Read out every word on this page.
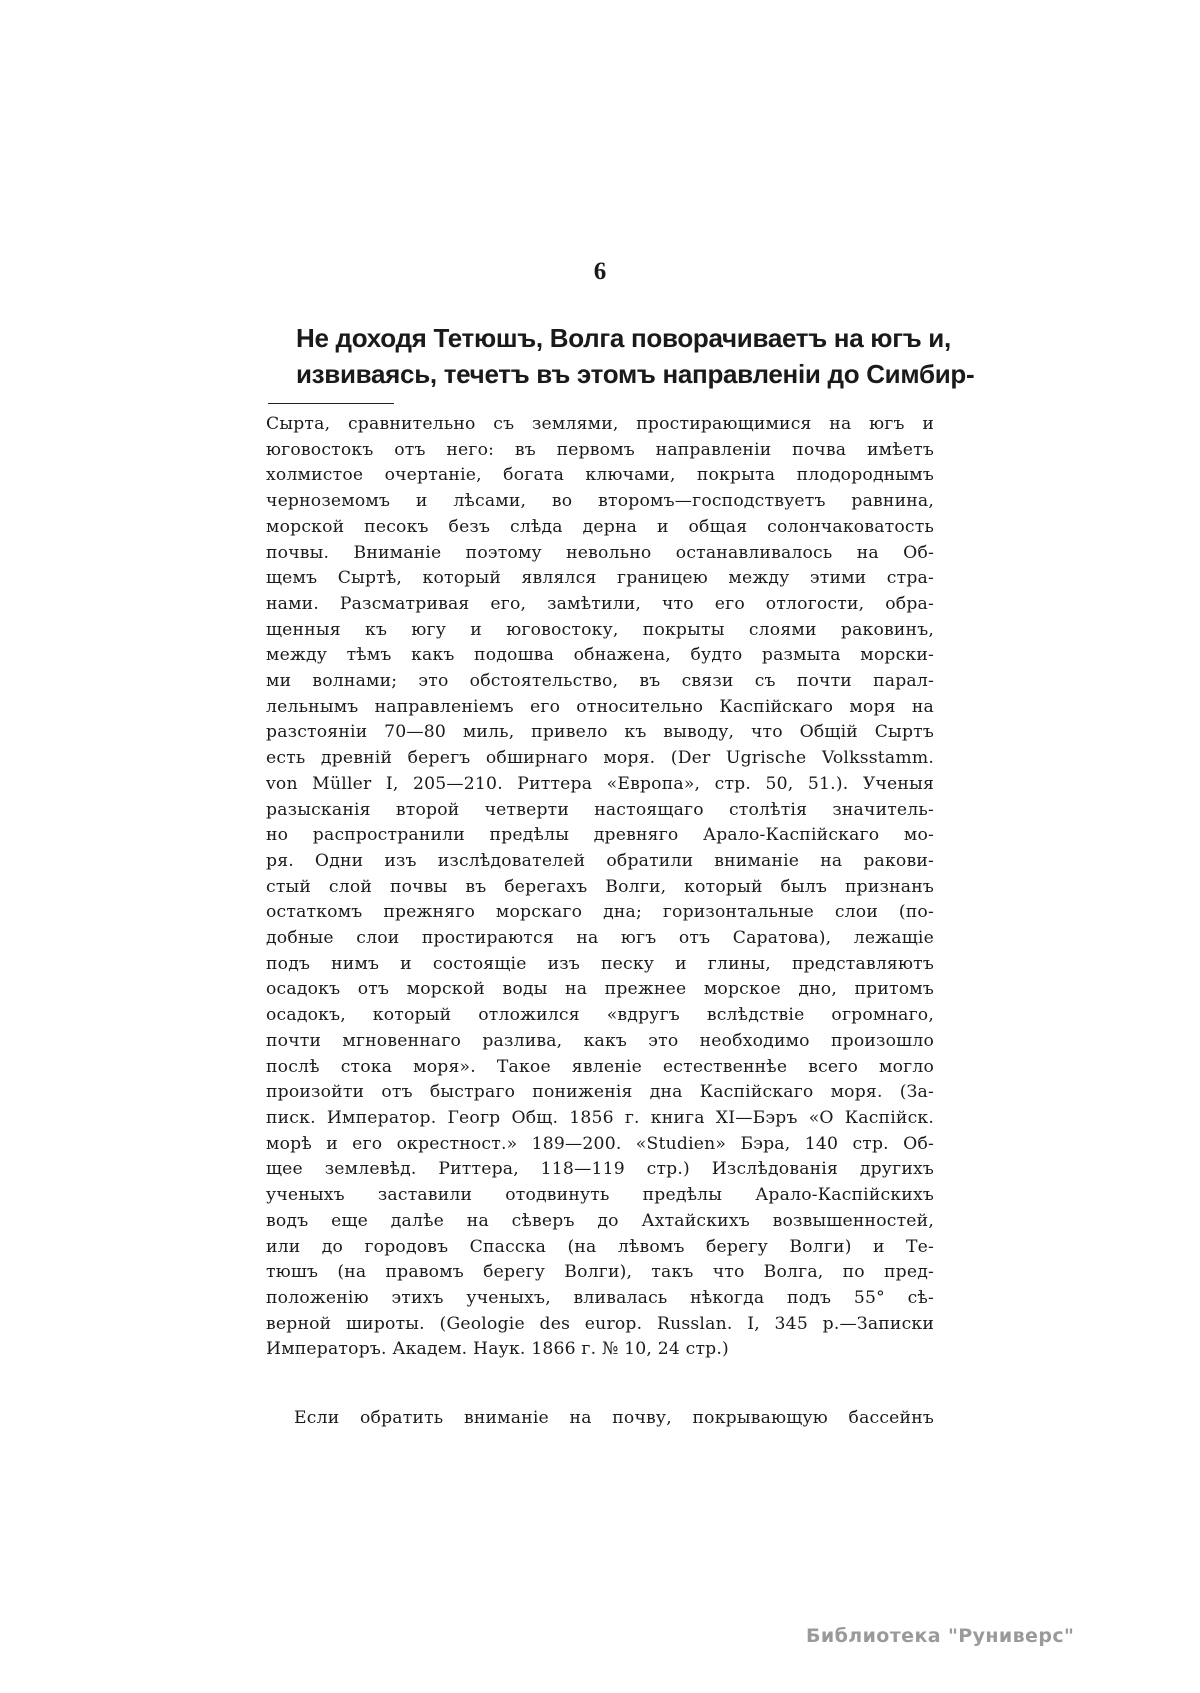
6
Не доходя Тетюшъ, Волга поворачиваетъ на югъ и,
извиваясь, течетъ въ этомъ направленіи до Симбир-
Сырта, сравнительно съ землями, простирающимися на югъ и
юговостокъ отъ него: въ первомъ направленіи почва имѣетъ
холмистое очертаніе, богата ключами, покрыта плодороднымъ
черноземомъ и лѣсами, во второмъ—господствуетъ равнина,
морской песокъ безъ слѣда дерна и общая солончаковатость
почвы. Вниманіе поэтому невольно останавливалось на Об-
щемъ Сыртѣ, который являлся границею между этими стра-
нами. Разсматривая его, замѣтили, что его отлогости, обра-
щенныя къ югу и юговостоку, покрыты слоями раковинъ,
между тѣмъ какъ подошва обнажена, будто размыта морски-
ми волнами; это обстоятельство, въ связи съ почти парал-
лельнымъ направленіемъ его относительно Каспійскаго моря на
разстояніи 70—80 миль, привело къ выводу, что Общій Сыртъ
есть древній берегъ обширнаго моря. (Der Ugrische Volksstamm.
von Müller I, 205—210. Риттера «Европа», стр. 50, 51.). Ученыя
разысканія второй четверти настоящаго столѣтія значитель-
но распространили предѣлы древняго Арало-Каспійскаго мо-
ря. Одни изъ изслѣдователей обратили вниманіе на ракови-
стый слой почвы въ берегахъ Волги, который былъ признанъ
остаткомъ прежняго морскаго дна; горизонтальные слои (по-
добные слои простираются на югъ отъ Саратова), лежащіе
подъ нимъ и состоящіе изъ песку и глины, представляютъ
осадокъ отъ морской воды на прежнее морское дно, притомъ
осадокъ, который отложился «вдругъ вслѣдствіе огромнаго,
почти мгновеннаго разлива, какъ это необходимо произошло
послѣ стока моря». Такое явленіе естественнѣе всего могло
произойти отъ быстраго пониженія дна Каспійскаго моря. (За-
писк. Император. Геогр Общ. 1856 г. книга XI—Бэръ «О Каспійск.
морѣ и его окрестност.» 189—200. «Studien» Бэра, 140 стр. Об-
щее землевѣд. Риттера, 118—119 стр.) Изслѣдованія другихъ
ученыхъ заставили отодвинуть предѣлы Арало-Каспійскихъ
водъ еще далѣе на сѣверъ до Ахтайскихъ возвышенностей,
или до городовъ Спасска (на лѣвомъ берегу Волги) и Те-
тюшъ (на правомъ берегу Волги), такъ что Волга, по пред-
положенію этихъ ученыхъ, вливалась нѣкогда подъ 55° сѣ-
верной широты. (Geologie des europ. Russlan. I, 345 p.—Записки
Императоръ. Академ. Наук. 1866 г. № 10, 24 стр.)
Если обратить вниманіе на почву, покрывающую бассейнъ
Библиотека "Руниверс"
